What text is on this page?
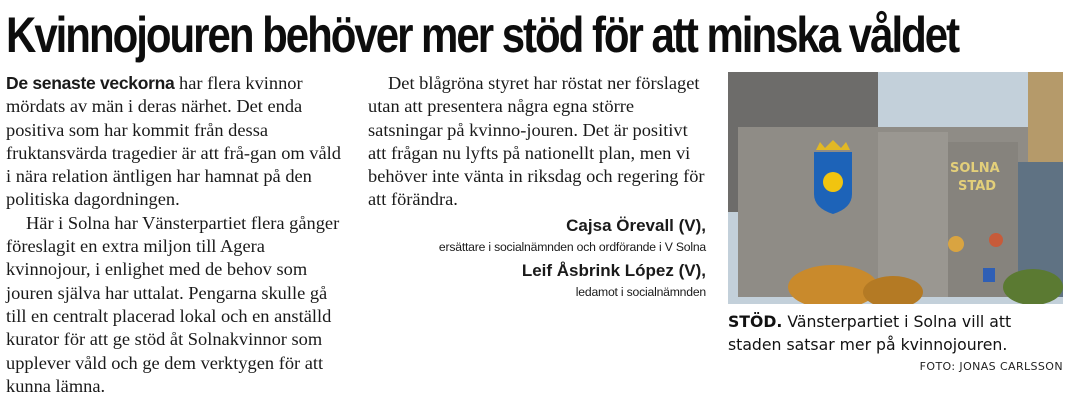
Kvinnojouren behöver mer stöd för att minska våldet

De senaste veckorna har flera kvinnor mördats av män i deras närhet. Det enda positiva som har kommit från dessa fruktansvärda tragedier är att frå-gan om våld i nära relation äntligen har hamnat på den politiska dagordningen.

Här i Solna har Vänsterpartiet flera gånger föreslagit en extra miljon till Agera kvinnojour, i enlighet med de behov som jouren själva har uttalat. Pengarna skulle gå till en centralt placerad lokal och en anställd kurator för att ge stöd åt Solnakvinnor som upplever våld och ge dem verktygen för att kunna lämna.

Det blågröna styret har röstat ner förslaget utan att presentera några egna större satsningar på kvinno-jouren. Det är positivt att frågan nu lyfts på nationellt plan, men vi behöver inte vänta in riksdag och regering för att förändra.

Cajsa Örevall (V),
ersättare i socialnämnden och ordförande i V Solna
Leif Åsbrink López (V),
ledamot i socialnämnden
SOLNA
STAD
STÖD. Vänsterpartiet i Solna vill att staden satsar mer på kvinnojouren.
FOTO: JONAS CARLSSON
